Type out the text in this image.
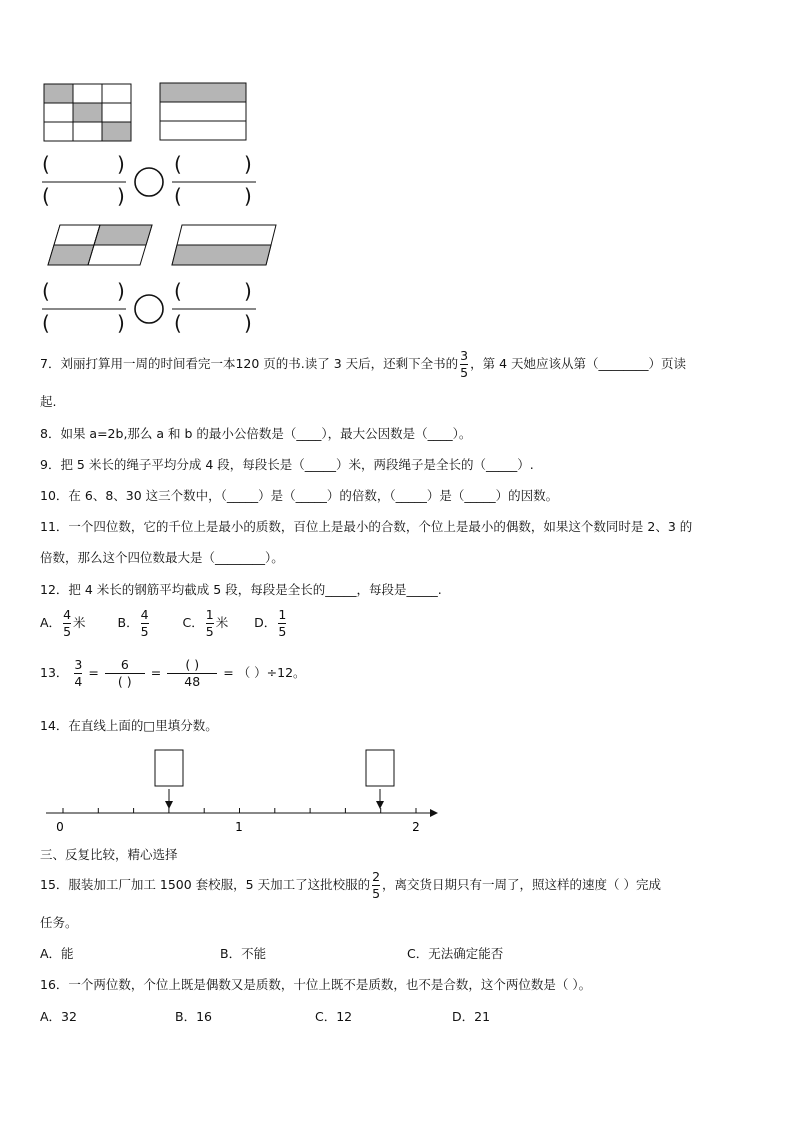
(	)
(	)
(	)
(	)
(	)
(	)
(	)
(	)
7．刘丽打算用一周的时间看完一本120 页的书.读了 3 天后，还剩下全书的 $\frac{3}{5}$ ，第 4 天她应该从第（________）页读
起.
8．如果 a=2b,那么 a 和 b 的最小公倍数是（____），最大公因数是（____）。
9．把 5 米长的绳子平均分成 4 段，每段长是（_____）米，两段绳子是全长的（_____）.
10．在 6、8、30 这三个数中，（_____）是（_____）的倍数，（_____）是（_____）的因数。
11．一个四位数，它的千位上是最小的质数，百位上是最小的合数，个位上是最小的偶数，如果这个数同时是 2、3 的
倍数，那么这个四位数最大是（________）。
12．把 4 米长的钢筋平均截成 5 段，每段是全长的_____，每段是_____.
A． $\frac{4}{5}$ 米	B． $\frac{4}{5}$	C． $\frac{1}{5}$ 米 D． $\frac{1}{5}$
13． $\frac{3}{4} = \frac{6}{( )} = \frac{( )}{48}$ = （ ）÷12。
14．在直线上面的□里填分数。
0	1	2
三、反复比较，精心选择
15．服装加工厂加工 1500 套校服，5 天加工了这批校服的 $\frac{2}{5}$ ，离交货日期只有一周了，照这样的速度（ ）完成
任务。
A．能	B．不能	C．无法确定能否
16．一个两位数，个位上既是偶数又是质数，十位上既不是质数，也不是合数，这个两位数是（ ）。
A．32	B．16	C．12	D．21
